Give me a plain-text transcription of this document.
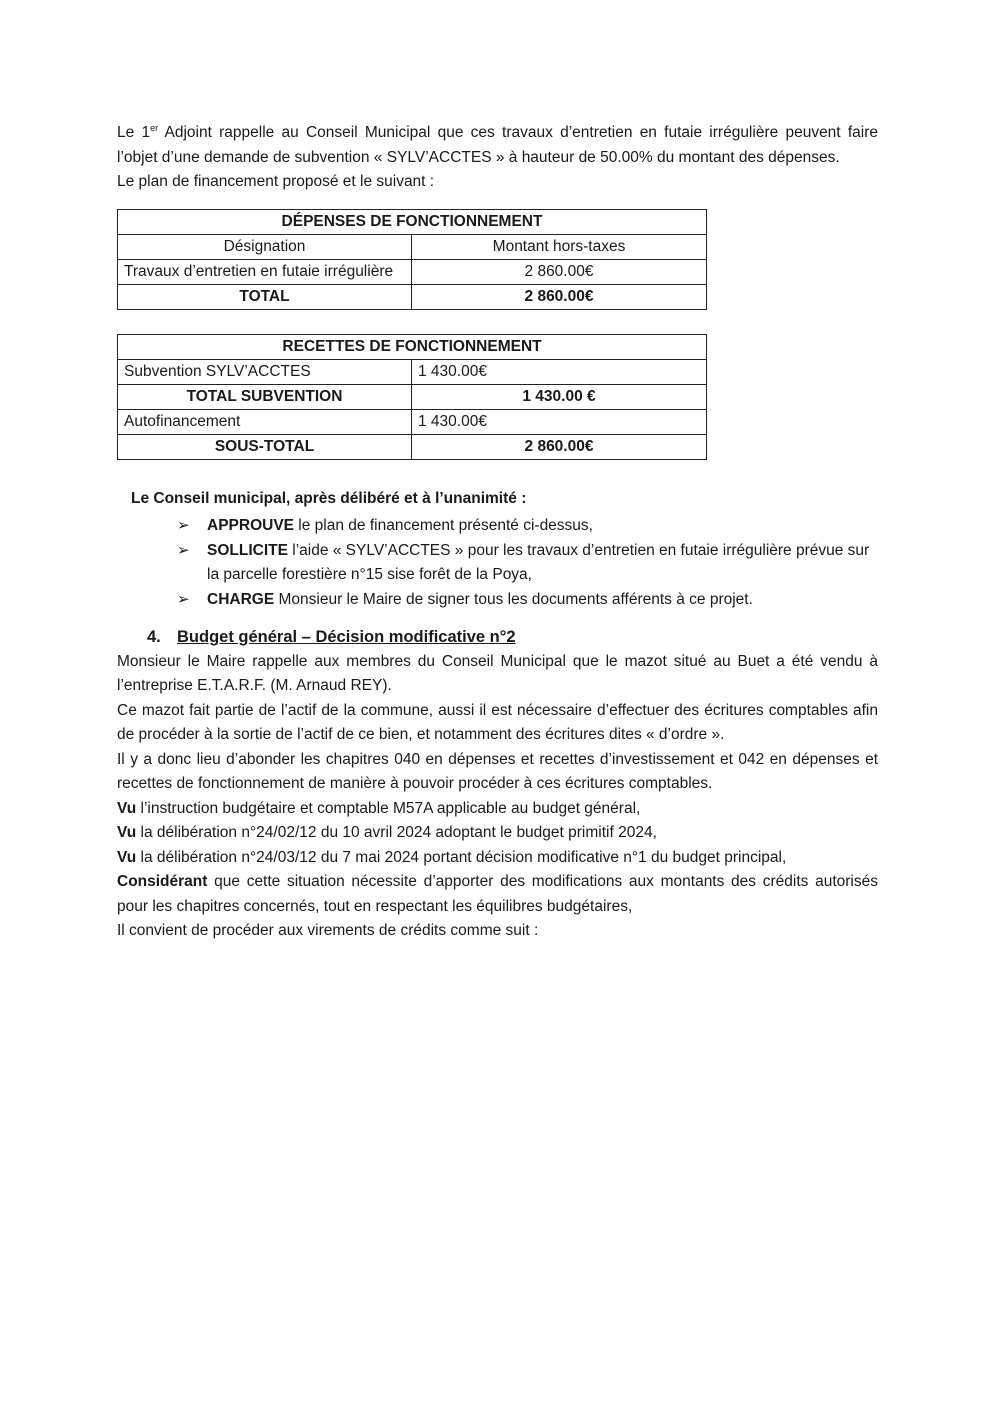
Le 1er Adjoint rappelle au Conseil Municipal que ces travaux d’entretien en futaie irrégulière peuvent faire l’objet d’une demande de subvention « SYLV’ACCTES » à hauteur de 50.00% du montant des dépenses.

Le plan de financement proposé et le suivant :

DÉPENSES DE FONCTIONNEMENT	
Désignation	Montant hors-taxes
Travaux d’entretien en futaie irrégulière	2 860.00€
TOTAL	2 860.00€
RECETTES DE FONCTIONNEMENT	
Subvention SYLV’ACCTES	1 430.00€
TOTAL SUBVENTION	1 430.00 €
Autofinancement	1 430.00€
SOUS-TOTAL	2 860.00€

Le Conseil municipal, après délibéré et à l’unanimité :

➢ APPROUVE le plan de financement présenté ci-dessus,
➢ SOLLICITE l’aide « SYLV’ACCTES » pour les travaux d’entretien en futaie irrégulière prévue sur la parcelle forestière n°15 sise forêt de la Poya,
➢ CHARGE Monsieur le Maire de signer tous les documents afférents à ce projet.
4. Budget général – Décision modificative n°2

Monsieur le Maire rappelle aux membres du Conseil Municipal que le mazot situé au Buet a été vendu à l’entreprise E.T.A.R.F. (M. Arnaud REY).

Ce mazot fait partie de l’actif de la commune, aussi il est nécessaire d’effectuer des écritures comptables afin de procéder à la sortie de l’actif de ce bien, et notamment des écritures dites « d’ordre ».

Il y a donc lieu d’abonder les chapitres 040 en dépenses et recettes d’investissement et 042 en dépenses et recettes de fonctionnement de manière à pouvoir procéder à ces écritures comptables.

Vu l’instruction budgétaire et comptable M57A applicable au budget général,

Vu la délibération n°24/02/12 du 10 avril 2024 adoptant le budget primitif 2024,

Vu la délibération n°24/03/12 du 7 mai 2024 portant décision modificative n°1 du budget principal,

Considérant que cette situation nécessite d’apporter des modifications aux montants des crédits autorisés pour les chapitres concernés, tout en respectant les équilibres budgétaires,

Il convient de procéder aux virements de crédits comme suit :
